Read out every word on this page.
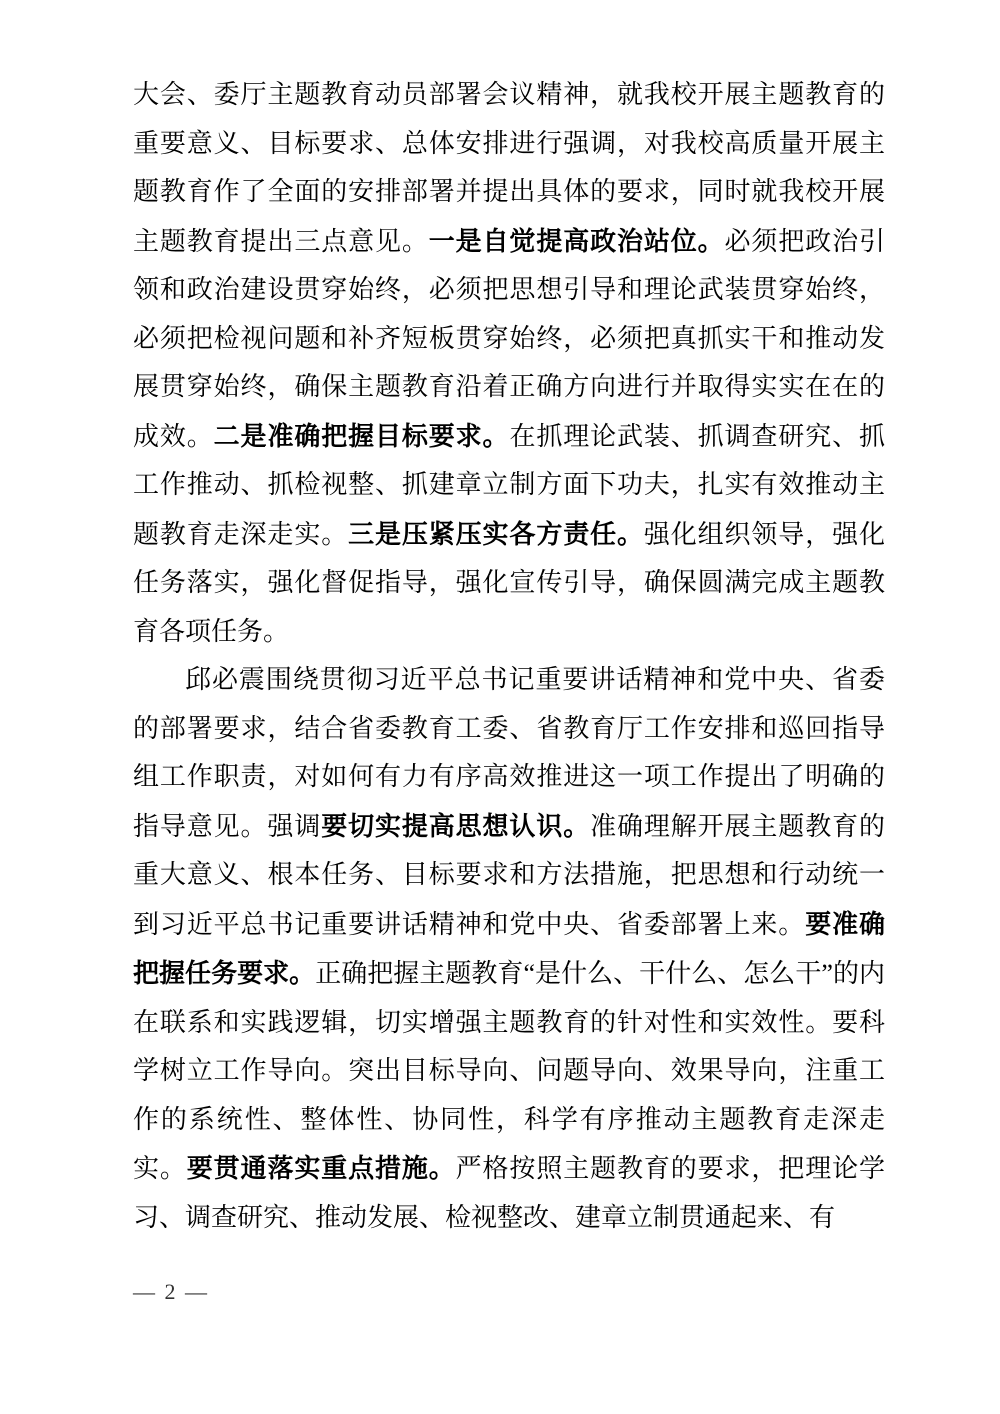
大会、委厅主题教育动员部署会议精神，就我校开展主题教育的重要意义、目标要求、总体安排进行强调，对我校高质量开展主题教育作了全面的安排部署并提出具体的要求，同时就我校开展主题教育提出三点意见。一是自觉提高政治站位。必须把政治引领和政治建设贯穿始终，必须把思想引导和理论武装贯穿始终，必须把检视问题和补齐短板贯穿始终，必须把真抓实干和推动发展贯穿始终，确保主题教育沿着正确方向进行并取得实实在在的成效。二是准确把握目标要求。在抓理论武装、抓调查研究、抓工作推动、抓检视整、抓建章立制方面下功夫，扎实有效推动主题教育走深走实。三是压紧压实各方责任。强化组织领导，强化任务落实，强化督促指导，强化宣传引导，确保圆满完成主题教育各项任务。

邱必震围绕贯彻习近平总书记重要讲话精神和党中央、省委的部署要求，结合省委教育工委、省教育厅工作安排和巡回指导组工作职责，对如何有力有序高效推进这一项工作提出了明确的指导意见。强调要切实提高思想认识。准确理解开展主题教育的重大意义、根本任务、目标要求和方法措施，把思想和行动统一到习近平总书记重要讲话精神和党中央、省委部署上来。要准确把握任务要求。正确把握主题教育“是什么、干什么、怎么干”的内在联系和实践逻辑，切实增强主题教育的针对性和实效性。要科学树立工作导向。突出目标导向、问题导向、效果导向，注重工作的系统性、整体性、协同性，科学有序推动主题教育走深走实。要贯通落实重点措施。严格按照主题教育的要求，把理论学习、调查研究、推动发展、检视整改、建章立制贯通起来、有

— 2 —
